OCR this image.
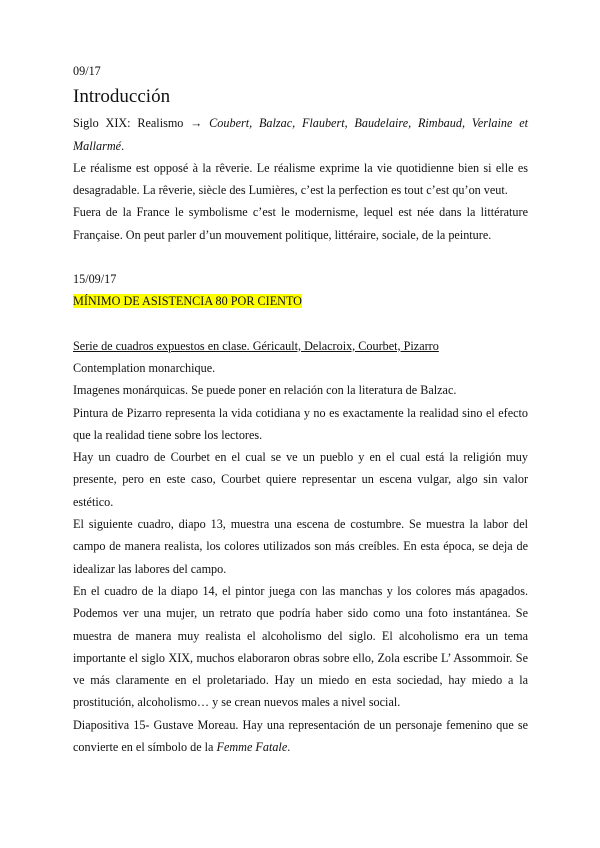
09/17

Introducción

Siglo XIX: Realismo → Coubert, Balzac, Flaubert, Baudelaire, Rimbaud, Verlaine et Mallarmé.

Le réalisme est opposé à la rêverie. Le réalisme exprime la vie quotidienne bien si elle es desagradable. La rêverie, siècle des Lumières, c’est la perfection es tout c’est qu’on veut.

Fuera de la France le symbolisme c’est le modernisme, lequel est née dans la littérature Française. On peut parler d’un mouvement politique, littéraire, sociale, de la peinture.

15/09/17

MÍNIMO DE ASISTENCIA 80 POR CIENTO

Serie de cuadros expuestos en clase. Géricault, Delacroix, Courbet, Pizarro

Contemplation monarchique.

Imagenes monárquicas. Se puede poner en relación con la literatura de Balzac.

Pintura de Pizarro representa la vida cotidiana y no es exactamente la realidad sino el efecto que la realidad tiene sobre los lectores.

Hay un cuadro de Courbet en el cual se ve un pueblo y en el cual está la religión muy presente, pero en este caso, Courbet quiere representar un escena vulgar, algo sin valor estético.

El siguiente cuadro, diapo 13, muestra una escena de costumbre. Se muestra la labor del campo de manera realista, los colores utilizados son más creíbles. En esta época, se deja de idealizar las labores del campo.

En el cuadro de la diapo 14, el pintor juega con las manchas y los colores más apagados. Podemos ver una mujer, un retrato que podría haber sido como una foto instantánea. Se muestra de manera muy realista el alcoholismo del siglo. El alcoholismo era un tema importante el siglo XIX, muchos elaboraron obras sobre ello, Zola escribe L’ Assommoir. Se ve más claramente en el proletariado. Hay un miedo en esta sociedad, hay miedo a la prostitución, alcoholismo… y se crean nuevos males a nivel social.

Diapositiva 15- Gustave Moreau. Hay una representación de un personaje femenino que se convierte en el símbolo de la Femme Fatale.
